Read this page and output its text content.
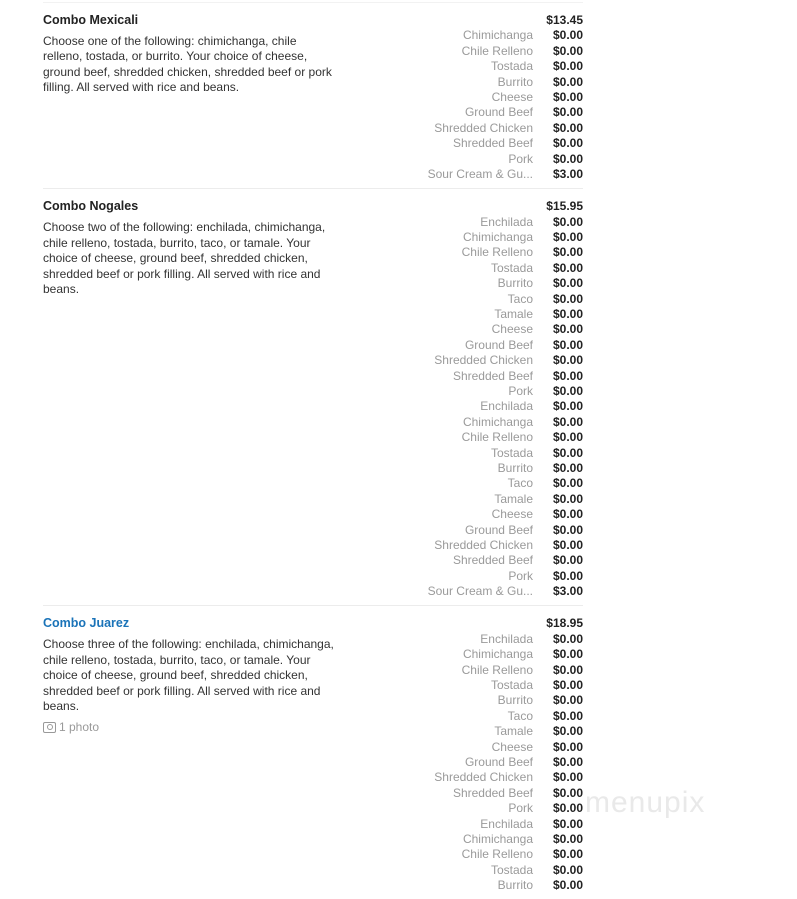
Combo Mexicali
Choose one of the following: chimichanga, chile relleno, tostada, or burrito. Your choice of cheese, ground beef, shredded chicken, shredded beef or pork filling. All served with rice and beans.
$13.45
Chimichanga	$0.00
Chile Relleno	$0.00
Tostada	$0.00
Burrito	$0.00
Cheese	$0.00
Ground Beef	$0.00
Shredded Chicken	$0.00
Shredded Beef	$0.00
Pork	$0.00
Sour Cream & Gu...	$3.00
Combo Nogales
Choose two of the following: enchilada, chimichanga, chile relleno, tostada, burrito, taco, or tamale. Your choice of cheese, ground beef, shredded chicken, shredded beef or pork filling. All served with rice and beans.
$15.95
Enchilada	$0.00
Chimichanga	$0.00
Chile Relleno	$0.00
Tostada	$0.00
Burrito	$0.00
Taco	$0.00
Tamale	$0.00
Cheese	$0.00
Ground Beef	$0.00
Shredded Chicken	$0.00
Shredded Beef	$0.00
Pork	$0.00
Enchilada	$0.00
Chimichanga	$0.00
Chile Relleno	$0.00
Tostada	$0.00
Burrito	$0.00
Taco	$0.00
Tamale	$0.00
Cheese	$0.00
Ground Beef	$0.00
Shredded Chicken	$0.00
Shredded Beef	$0.00
Pork	$0.00
Sour Cream & Gu...	$3.00
Combo Juarez
Choose three of the following: enchilada, chimichanga, chile relleno, tostada, burrito, taco, or tamale. Your choice of cheese, ground beef, shredded chicken, shredded beef or pork filling. All served with rice and beans.
1 photo
$18.95
Enchilada	$0.00
Chimichanga	$0.00
Chile Relleno	$0.00
Tostada	$0.00
Burrito	$0.00
Taco	$0.00
Tamale	$0.00
Cheese	$0.00
Ground Beef	$0.00
Shredded Chicken	$0.00
Shredded Beef	$0.00
Pork	$0.00
Enchilada	$0.00
Chimichanga	$0.00
Chile Relleno	$0.00
Tostada	$0.00
Burrito	$0.00
menupix
